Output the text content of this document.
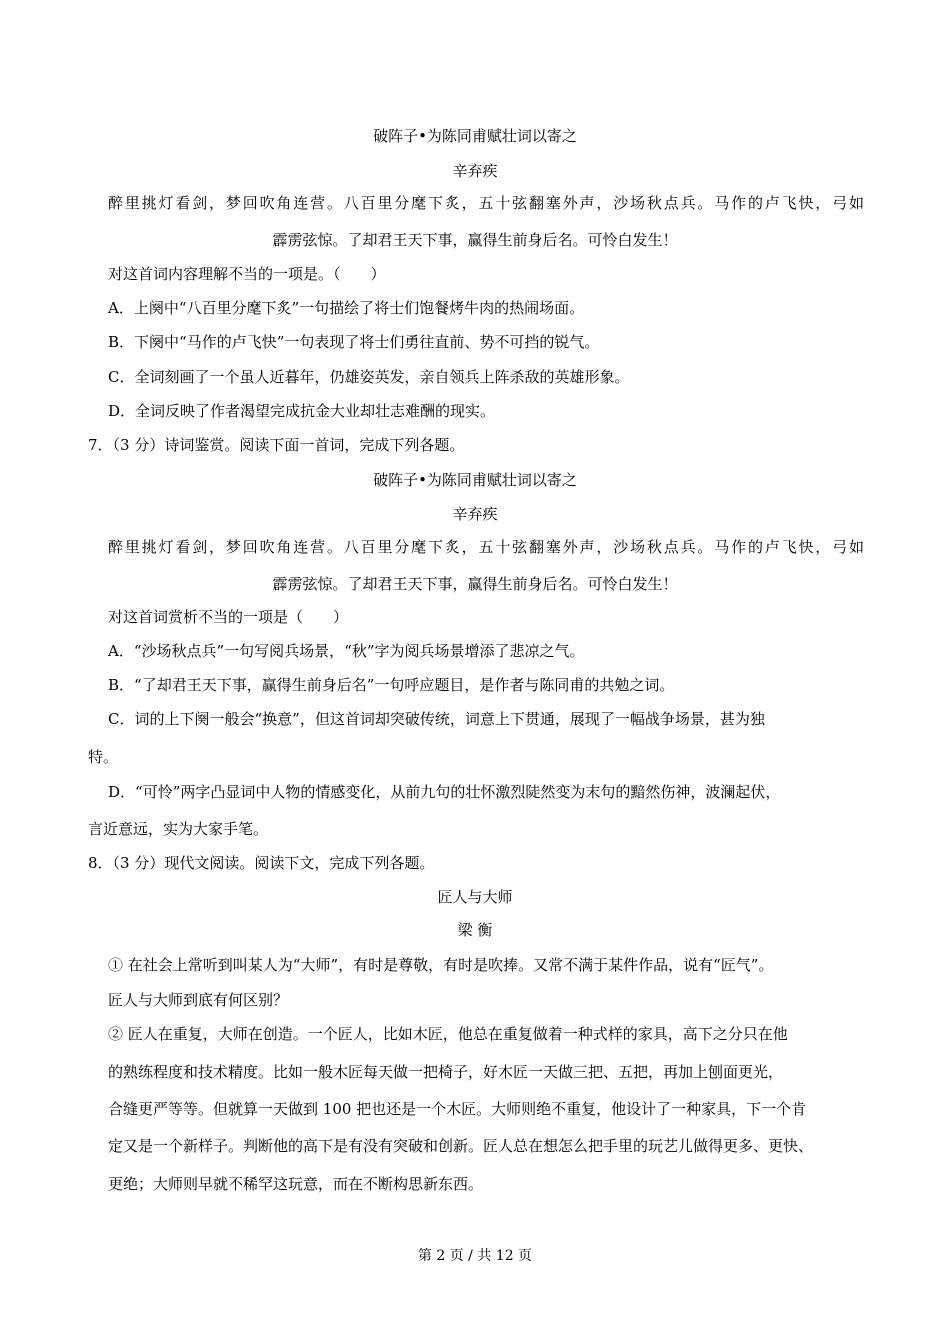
破阵子•为陈同甫赋壮词以寄之
辛弃疾
醉里挑灯看剑，梦回吹角连营。八百里分麾下炙，五十弦翻塞外声，沙场秋点兵。马作的卢飞快，弓如
霹雳弦惊。了却君王天下事，赢得生前身后名。可怜白发生！
对这首词内容理解不当的一项是。（　　）
A．上阕中“八百里分麾下炙”一句描绘了将士们饱餐烤牛肉的热闹场面。
B．下阕中“马作的卢飞快”一句表现了将士们勇往直前、势不可挡的锐气。
C．全词刻画了一个虽人近暮年，仍雄姿英发，亲自领兵上阵杀敌的英雄形象。
D．全词反映了作者渴望完成抗金大业却壮志难酬的现实。
7．（3 分）诗词鉴赏。阅读下面一首词，完成下列各题。
破阵子•为陈同甫赋壮词以寄之
辛弃疾
醉里挑灯看剑，梦回吹角连营。八百里分麾下炙，五十弦翻塞外声，沙场秋点兵。马作的卢飞快，弓如
霹雳弦惊。了却君王天下事，赢得生前身后名。可怜白发生！
对这首词赏析不当的一项是（　　）
A．“沙场秋点兵”一句写阅兵场景，“秋”字为阅兵场景增添了悲凉之气。
B．“了却君王天下事，赢得生前身后名”一句呼应题目，是作者与陈同甫的共勉之词。
C．词的上下阕一般会“换意”，但这首词却突破传统，词意上下贯通，展现了一幅战争场景，甚为独
特。
D．“可怜”两字凸显词中人物的情感变化，从前九句的壮怀激烈陡然变为末句的黯然伤神，波澜起伏，
言近意远，实为大家手笔。
8．（3 分）现代文阅读。阅读下文，完成下列各题。
匠人与大师
梁 衡
① 在社会上常听到叫某人为“大师”，有时是尊敬，有时是吹捧。又常不满于某件作品，说有“匠气”。
匠人与大师到底有何区别？
② 匠人在重复，大师在创造。一个匠人，比如木匠，他总在重复做着一种式样的家具，高下之分只在他
的熟练程度和技术精度。比如一般木匠每天做一把椅子，好木匠一天做三把、五把，再加上刨面更光，
合缝更严等等。但就算一天做到 100 把也还是一个木匠。大师则绝不重复，他设计了一种家具，下一个肯
定又是一个新样子。判断他的高下是有没有突破和创新。匠人总在想怎么把手里的玩艺儿做得更多、更快、
更绝；大师则早就不稀罕这玩意，而在不断构思新东西。
第 2 页 / 共 12 页
